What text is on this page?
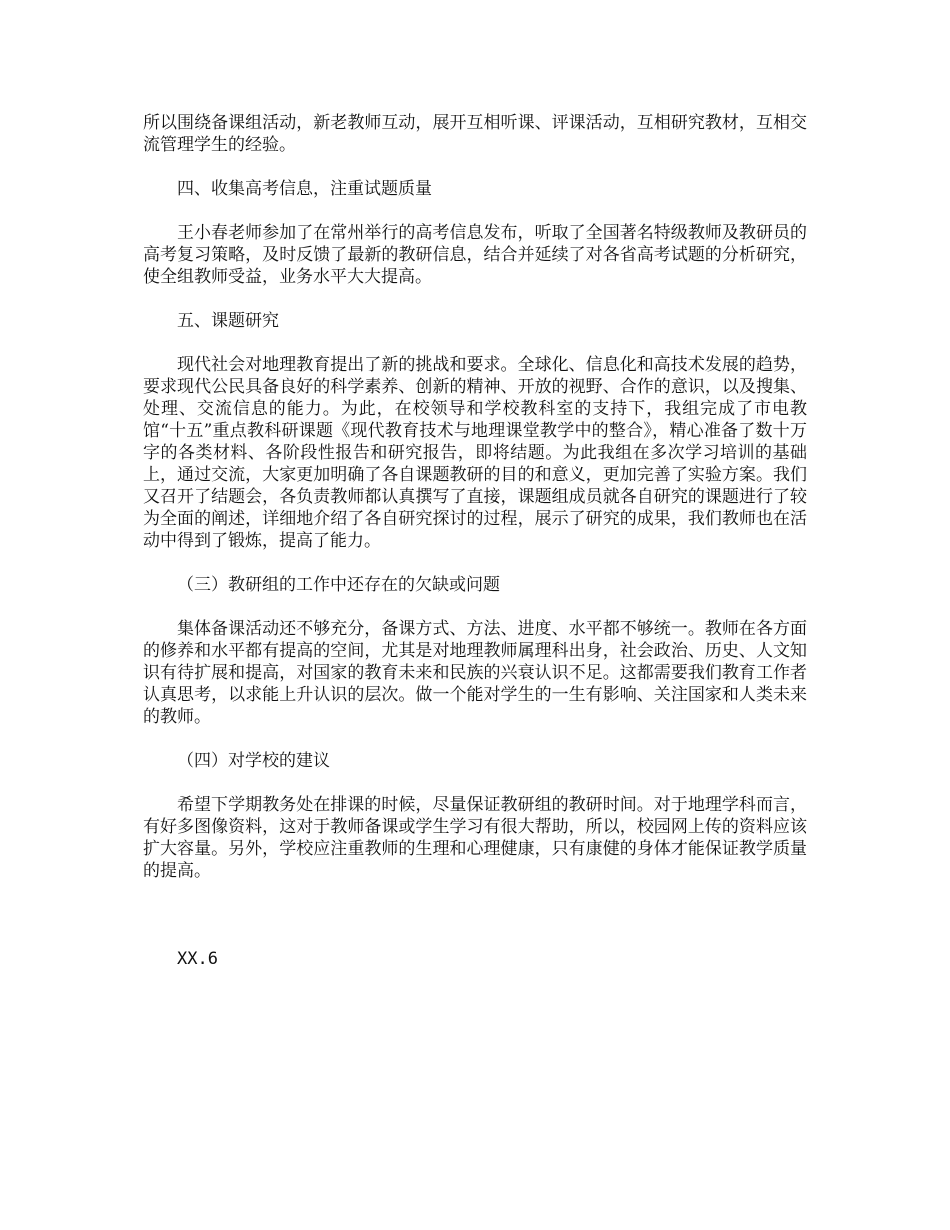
所以围绕备课组活动，新老教师互动，展开互相听课、评课活动，互相研究教材，互相交流管理学生的经验。

四、收集高考信息，注重试题质量

王小春老师参加了在常州举行的高考信息发布，听取了全国著名特级教师及教研员的高考复习策略，及时反馈了最新的教研信息，结合并延续了对各省高考试题的分析研究，使全组教师受益，业务水平大大提高。

五、课题研究

现代社会对地理教育提出了新的挑战和要求。全球化、信息化和高技术发展的趋势，要求现代公民具备良好的科学素养、创新的精神、开放的视野、合作的意识，以及搜集、处理、交流信息的能力。为此，在校领导和学校教科室的支持下，我组完成了市电教馆“十五”重点教科研课题《现代教育技术与地理课堂教学中的整合》，精心准备了数十万字的各类材料、各阶段性报告和研究报告，即将结题。为此我组在多次学习培训的基础上，通过交流，大家更加明确了各自课题教研的目的和意义，更加完善了实验方案。我们又召开了结题会，各负责教师都认真撰写了直接，课题组成员就各自研究的课题进行了较为全面的阐述，详细地介绍了各自研究探讨的过程，展示了研究的成果，我们教师也在活动中得到了锻炼，提高了能力。

（三）教研组的工作中还存在的欠缺或问题

集体备课活动还不够充分，备课方式、方法、进度、水平都不够统一。教师在各方面的修养和水平都有提高的空间，尤其是对地理教师属理科出身，社会政治、历史、人文知识有待扩展和提高，对国家的教育未来和民族的兴衰认识不足。这都需要我们教育工作者认真思考，以求能上升认识的层次。做一个能对学生的一生有影响、关注国家和人类未来的教师。

（四）对学校的建议

希望下学期教务处在排课的时候，尽量保证教研组的教研时间。对于地理学科而言，有好多图像资料，这对于教师备课或学生学习有很大帮助，所以，校园网上传的资料应该扩大容量。另外，学校应注重教师的生理和心理健康，只有康健的身体才能保证教学质量的提高。

XX.6
